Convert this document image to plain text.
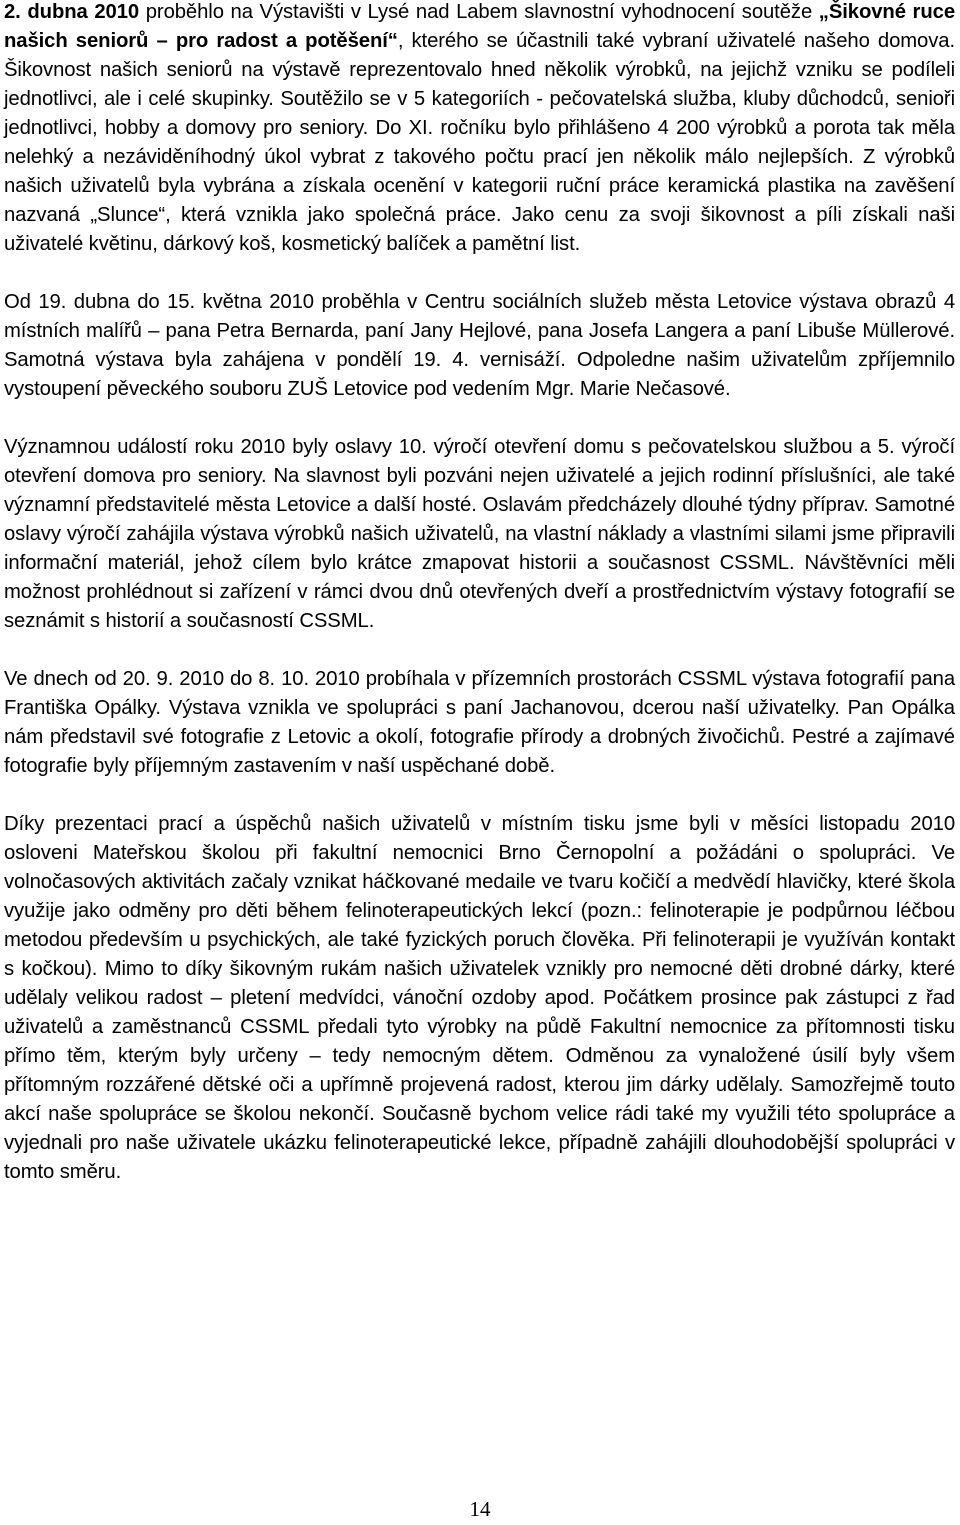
2. dubna 2010 proběhlo na Výstavišti v Lysé nad Labem slavnostní vyhodnocení soutěže „Šikovné ruce našich seniorů – pro radost a potěšení“, kterého se účastnili také vybraní uživatelé našeho domova. Šikovnost našich seniorů na výstavě reprezentovalo hned několik výrobků, na jejichž vzniku se podíleli jednotlivci, ale i celé skupinky. Soutěžilo se v 5 kategoriích - pečovatelská služba, kluby důchodců, senioři jednotlivci, hobby a domovy pro seniory. Do XI. ročníku bylo přihlášeno 4 200 výrobků a porota tak měla nelehký a nezáviděníhodný úkol vybrat z takového počtu prací jen několik málo nejlepších. Z výrobků našich uživatelů byla vybrána a získala ocenění v kategorii ruční práce keramická plastika na zavěšení nazvaná „Slunce“, která vznikla jako společná práce. Jako cenu za svoji šikovnost a píli získali naši uživatelé květinu, dárkový koš, kosmetický balíček a pamětní list.

Od 19. dubna do 15. května 2010 proběhla v Centru sociálních služeb města Letovice výstava obrazů 4 místních malířů – pana Petra Bernarda, paní Jany Hejlové, pana Josefa Langera a paní Libuše Müllerové. Samotná výstava byla zahájena v pondělí 19. 4. vernisáží. Odpoledne našim uživatelům zpříjemnilo vystoupení pěveckého souboru ZUŠ Letovice pod vedením Mgr. Marie Nečasové.

Významnou událostí roku 2010 byly oslavy 10. výročí otevření domu s pečovatelskou službou a 5. výročí otevření domova pro seniory. Na slavnost byli pozváni nejen uživatelé a jejich rodinní příslušníci, ale také významní představitelé města Letovice a další hosté. Oslavám předcházely dlouhé týdny příprav. Samotné oslavy výročí zahájila výstava výrobků našich uživatelů, na vlastní náklady a vlastními silami jsme připravili informační materiál, jehož cílem bylo krátce zmapovat historii a současnost CSSML. Návštěvníci měli možnost prohlédnout si zařízení v rámci dvou dnů otevřených dveří a prostřednictvím výstavy fotografií se seznámit s historií a současností CSSML.

Ve dnech od 20. 9. 2010 do 8. 10. 2010 probíhala v přízemních prostorách CSSML výstava fotografií pana Františka Opálky. Výstava vznikla ve spolupráci s paní Jachanovou, dcerou naší uživatelky. Pan Opálka nám představil své fotografie z Letovic a okolí, fotografie přírody a drobných živočichů. Pestré a zajímavé fotografie byly příjemným zastavením v naší uspěchané době.

Díky prezentaci prací a úspěchů našich uživatelů v místním tisku jsme byli v měsíci listopadu 2010 osloveni Mateřskou školou při fakultní nemocnici Brno Černopolní a požádáni o spolupráci. Ve volnočasových aktivitách začaly vznikat háčkované medaile ve tvaru kočičí a medvědí hlavičky, které škola využije jako odměny pro děti během felinoterapeutických lekcí (pozn.: felinoterapie je podpůrnou léčbou metodou především u psychických, ale také fyzických poruch člověka. Při felinoterapii je využíván kontakt s kočkou). Mimo to díky šikovným rukám našich uživatelek vznikly pro nemocné děti drobné dárky, které udělaly velikou radost – pletení medvídci, vánoční ozdoby apod. Počátkem prosince pak zástupci z řad uživatelů a zaměstnanců CSSML předali tyto výrobky na půdě Fakultní nemocnice za přítomnosti tisku přímo těm, kterým byly určeny – tedy nemocným dětem. Odměnou za vynaložené úsilí byly všem přítomným rozzářené dětské oči a upřímně projevená radost, kterou jim dárky udělaly. Samozřejmě touto akcí naše spolupráce se školou nekončí. Současně bychom velice rádi také my využili této spolupráce a vyjednali pro naše uživatele ukázku felinoterapeutické lekce, případně zahájili dlouhodobější spolupráci v tomto směru.

14
